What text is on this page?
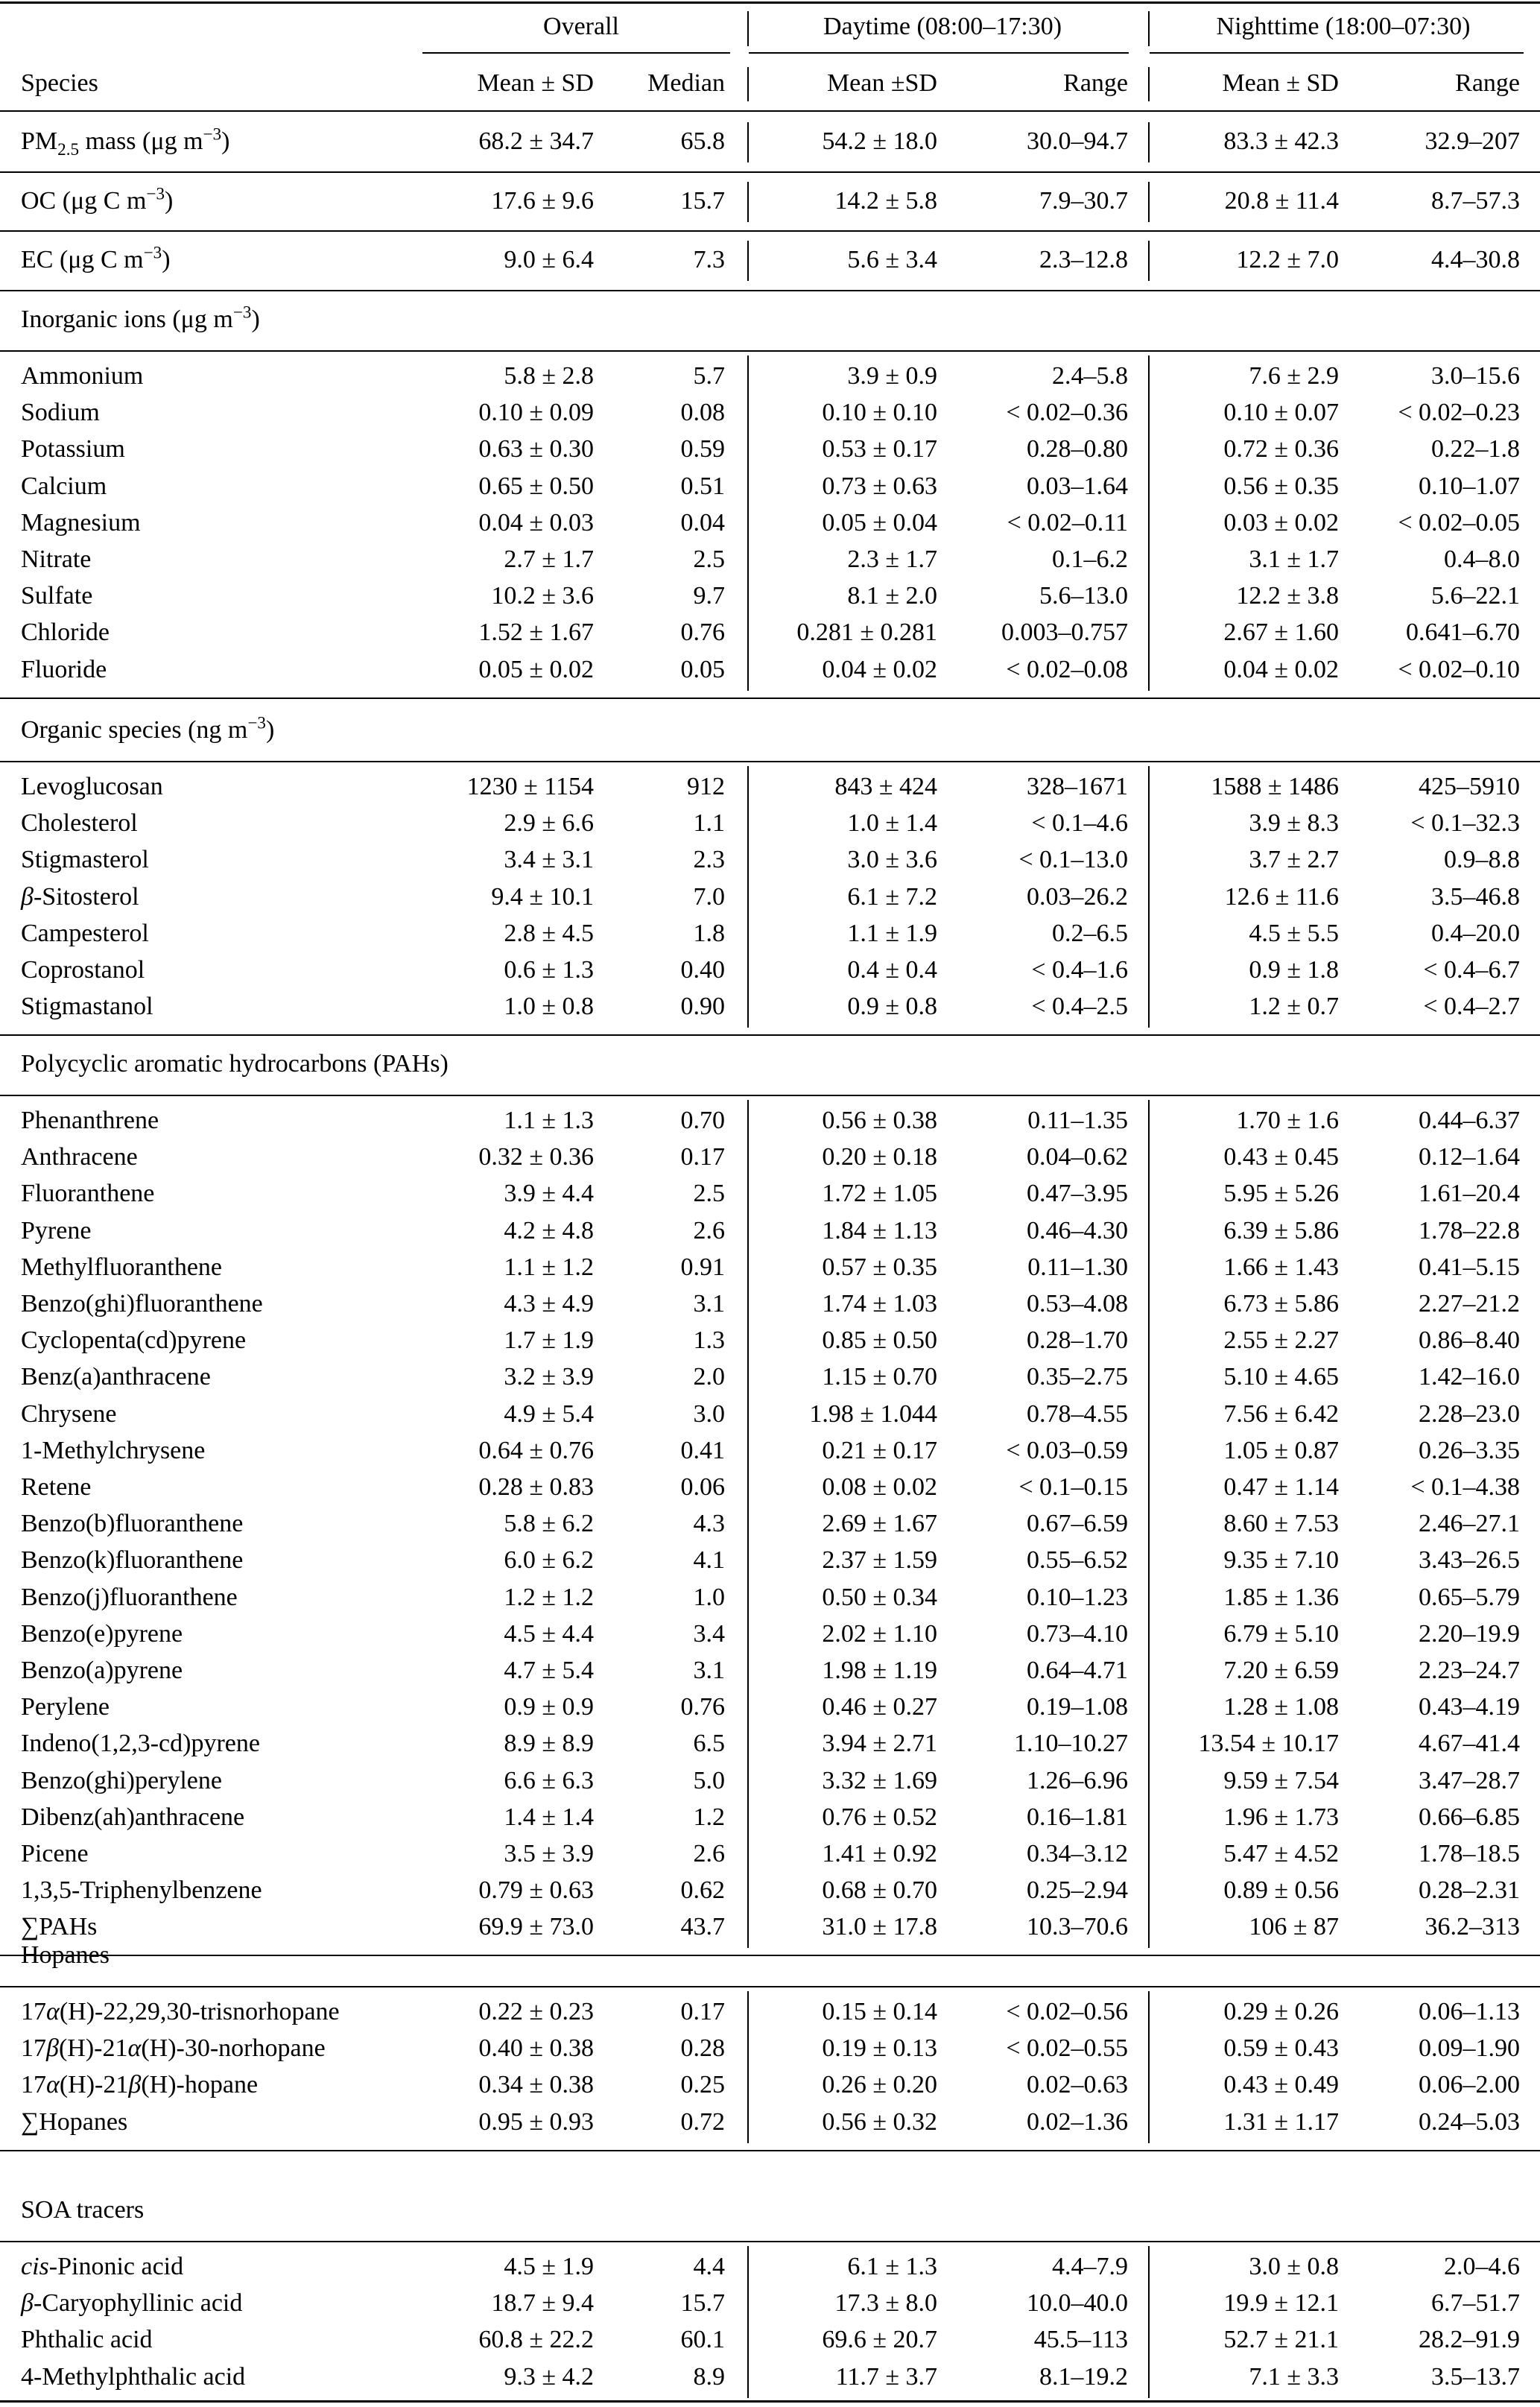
Overall	Daytime (08:00–17:30)	Nighttime (18:00–07:30)
Species	Mean ± SD	Median	Mean ±SD	Range	Mean ± SD	Range
$PM_{2.5}$ mass (μg $m^{-3}$)	68.2 ± 34.7	65.8	54.2 ± 18.0	30.0–94.7	83.3 ± 42.3	32.9–207
OC (μg C $m^{-3}$)	17.6 ± 9.6	15.7	14.2 ± 5.8	7.9–30.7	20.8 ± 11.4	8.7–57.3
EC (μg C $m^{-3}$)	9.0 ± 6.4	7.3	5.6 ± 3.4	2.3–12.8	12.2 ± 7.0	4.4–30.8
Inorganic ions (μg $m^{-3}$)
Ammonium	5.8 ± 2.8	5.7	3.9 ± 0.9	2.4–5.8	7.6 ± 2.9	3.0–15.6
Sodium	0.10 ± 0.09	0.08	0.10 ± 0.10	< 0.02–0.36	0.10 ± 0.07	< 0.02–0.23
Potassium	0.63 ± 0.30	0.59	0.53 ± 0.17	0.28–0.80	0.72 ± 0.36	0.22–1.8
Calcium	0.65 ± 0.50	0.51	0.73 ± 0.63	0.03–1.64	0.56 ± 0.35	0.10–1.07
Magnesium	0.04 ± 0.03	0.04	0.05 ± 0.04	< 0.02–0.11	0.03 ± 0.02	< 0.02–0.05
Nitrate	2.7 ± 1.7	2.5	2.3 ± 1.7	0.1–6.2	3.1 ± 1.7	0.4–8.0
Sulfate	10.2 ± 3.6	9.7	8.1 ± 2.0	5.6–13.0	12.2 ± 3.8	5.6–22.1
Chloride	1.52 ± 1.67	0.76	0.281 ± 0.281	0.003–0.757	2.67 ± 1.60	0.641–6.70
Fluoride	0.05 ± 0.02	0.05	0.04 ± 0.02	< 0.02–0.08	0.04 ± 0.02	< 0.02–0.10
Organic species (ng $m^{-3}$)
Levoglucosan	1230 ± 1154	912	843 ± 424	328–1671	1588 ± 1486	425–5910
Cholesterol	2.9 ± 6.6	1.1	1.0 ± 1.4	< 0.1–4.6	3.9 ± 8.3	< 0.1–32.3
Stigmasterol	3.4 ± 3.1	2.3	3.0 ± 3.6	< 0.1–13.0	3.7 ± 2.7	0.9–8.8
β-Sitosterol	9.4 ± 10.1	7.0	6.1 ± 7.2	0.03–26.2	12.6 ± 11.6	3.5–46.8
Campesterol	2.8 ± 4.5	1.8	1.1 ± 1.9	0.2–6.5	4.5 ± 5.5	0.4–20.0
Coprostanol	0.6 ± 1.3	0.40	0.4 ± 0.4	< 0.4–1.6	0.9 ± 1.8	< 0.4–6.7
Stigmastanol	1.0 ± 0.8	0.90	0.9 ± 0.8	< 0.4–2.5	1.2 ± 0.7	< 0.4–2.7
Polycyclic aromatic hydrocarbons (PAHs)
Phenanthrene	1.1 ± 1.3	0.70	0.56 ± 0.38	0.11–1.35	1.70 ± 1.6	0.44–6.37
Anthracene	0.32 ± 0.36	0.17	0.20 ± 0.18	0.04–0.62	0.43 ± 0.45	0.12–1.64
Fluoranthene	3.9 ± 4.4	2.5	1.72 ± 1.05	0.47–3.95	5.95 ± 5.26	1.61–20.4
Pyrene	4.2 ± 4.8	2.6	1.84 ± 1.13	0.46–4.30	6.39 ± 5.86	1.78–22.8
Methylfluoranthene	1.1 ± 1.2	0.91	0.57 ± 0.35	0.11–1.30	1.66 ± 1.43	0.41–5.15
Benzo(ghi)fluoranthene	4.3 ± 4.9	3.1	1.74 ± 1.03	0.53–4.08	6.73 ± 5.86	2.27–21.2
Cyclopenta(cd)pyrene	1.7 ± 1.9	1.3	0.85 ± 0.50	0.28–1.70	2.55 ± 2.27	0.86–8.40
Benz(a)anthracene	3.2 ± 3.9	2.0	1.15 ± 0.70	0.35–2.75	5.10 ± 4.65	1.42–16.0
Chrysene	4.9 ± 5.4	3.0	1.98 ± 1.044	0.78–4.55	7.56 ± 6.42	2.28–23.0
1-Methylchrysene	0.64 ± 0.76	0.41	0.21 ± 0.17	< 0.03–0.59	1.05 ± 0.87	0.26–3.35
Retene	0.28 ± 0.83	0.06	0.08 ± 0.02	< 0.1–0.15	0.47 ± 1.14	< 0.1–4.38
Benzo(b)fluoranthene	5.8 ± 6.2	4.3	2.69 ± 1.67	0.67–6.59	8.60 ± 7.53	2.46–27.1
Benzo(k)fluoranthene	6.0 ± 6.2	4.1	2.37 ± 1.59	0.55–6.52	9.35 ± 7.10	3.43–26.5
Benzo(j)fluoranthene	1.2 ± 1.2	1.0	0.50 ± 0.34	0.10–1.23	1.85 ± 1.36	0.65–5.79
Benzo(e)pyrene	4.5 ± 4.4	3.4	2.02 ± 1.10	0.73–4.10	6.79 ± 5.10	2.20–19.9
Benzo(a)pyrene	4.7 ± 5.4	3.1	1.98 ± 1.19	0.64–4.71	7.20 ± 6.59	2.23–24.7
Perylene	0.9 ± 0.9	0.76	0.46 ± 0.27	0.19–1.08	1.28 ± 1.08	0.43–4.19
Indeno(1,2,3-cd)pyrene	8.9 ± 8.9	6.5	3.94 ± 2.71	1.10–10.27	13.54 ± 10.17	4.67–41.4
Benzo(ghi)perylene	6.6 ± 6.3	5.0	3.32 ± 1.69	1.26–6.96	9.59 ± 7.54	3.47–28.7
Dibenz(ah)anthracene	1.4 ± 1.4	1.2	0.76 ± 0.52	0.16–1.81	1.96 ± 1.73	0.66–6.85
Picene	3.5 ± 3.9	2.6	1.41 ± 0.92	0.34–3.12	5.47 ± 4.52	1.78–18.5
1,3,5-Triphenylbenzene	0.79 ± 0.63	0.62	0.68 ± 0.70	0.25–2.94	0.89 ± 0.56	0.28–2.31
∑PAHs	69.9 ± 73.0	43.7	31.0 ± 17.8	10.3–70.6	106 ± 87	36.2–313
Hopanes
17α(H)-22,29,30-trisnorhopane	0.22 ± 0.23	0.17	0.15 ± 0.14	< 0.02–0.56	0.29 ± 0.26	0.06–1.13
17β(H)-21α(H)-30-norhopane	0.40 ± 0.38	0.28	0.19 ± 0.13	< 0.02–0.55	0.59 ± 0.43	0.09–1.90
17α(H)-21β(H)-hopane	0.34 ± 0.38	0.25	0.26 ± 0.20	0.02–0.63	0.43 ± 0.49	0.06–2.00
∑Hopanes	0.95 ± 0.93	0.72	0.56 ± 0.32	0.02–1.36	1.31 ± 1.17	0.24–5.03
SOA tracers
cis-Pinonic acid	4.5 ± 1.9	4.4	6.1 ± 1.3	4.4–7.9	3.0 ± 0.8	2.0–4.6
β-Caryophyllinic acid	18.7 ± 9.4	15.7	17.3 ± 8.0	10.0–40.0	19.9 ± 12.1	6.7–51.7
Phthalic acid	60.8 ± 22.2	60.1	69.6 ± 20.7	45.5–113	52.7 ± 21.1	28.2–91.9
4-Methylphthalic acid	9.3 ± 4.2	8.9	11.7 ± 3.7	8.1–19.2	7.1 ± 3.3	3.5–13.7
